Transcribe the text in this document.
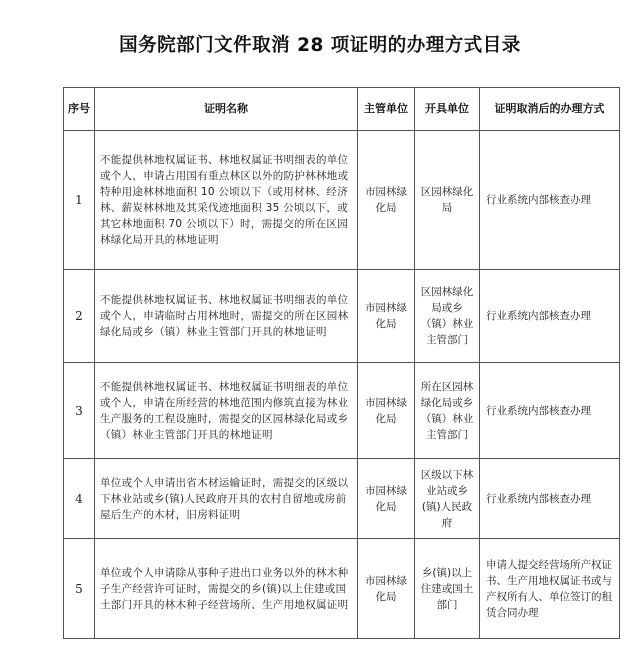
国务院部门文件取消 28 项证明的办理方式目录
序号	证明名称	主管单位	开具单位	证明取消后的办理方式
1	不能提供林地权属证书、林地权属证书明细表的单位或个人，申请占用国有重点林区以外的防护林林地或特种用途林林地面积 10 公顷以下（或用材林、经济林、薪炭林林地及其采伐迹地面积 35 公顷以下，或其它林地面积 70 公顷以下）时，需提交的所在区园林绿化局开具的林地证明	市园林绿化局	区园林绿化局	行业系统内部核查办理
2	不能提供林地权属证书、林地权属证书明细表的单位或个人，申请临时占用林地时，需提交的所在区园林绿化局或乡（镇）林业主管部门开具的林地证明	市园林绿化局	区园林绿化局或乡（镇）林业主管部门	行业系统内部核查办理
3	不能提供林地权属证书、林地权属证书明细表的单位或个人，申请在所经营的林地范围内修筑直接为林业生产服务的工程设施时，需提交的区园林绿化局或乡（镇）林业主管部门开具的林地证明	市园林绿化局	所在区园林绿化局或乡（镇）林业主管部门	行业系统内部核查办理
4	单位或个人申请出省木材运输证时，需提交的区级以下林业站或乡(镇)人民政府开具的农村自留地或房前屋后生产的木材，旧房料证明	市园林绿化局	区级以下林业站或乡(镇)人民政府	行业系统内部核查办理
5	单位或个人申请除从事种子进出口业务以外的林木种子生产经营许可证时，需提交的乡(镇)以上住建或国土部门开具的林木种子经营场所、生产用地权属证明	市园林绿化局	乡(镇)以上住建或国土部门	申请人提交经营场所产权证书、生产用地权属证书或与产权所有人、单位签订的租赁合同办理
